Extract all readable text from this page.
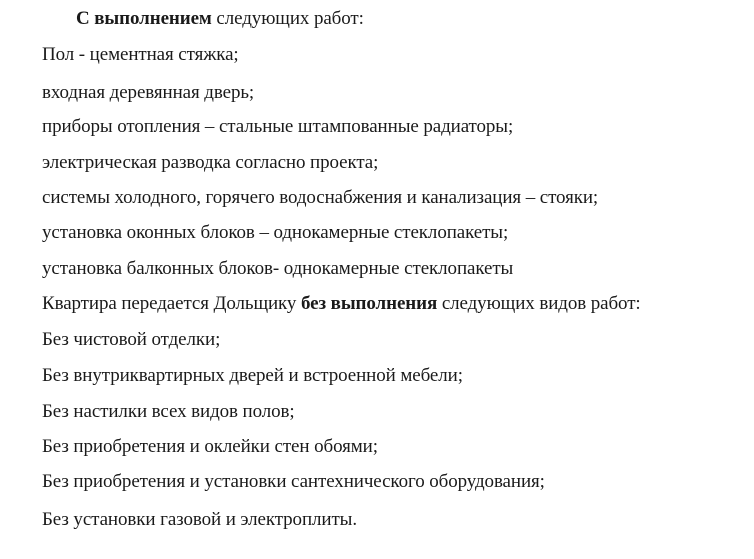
С выполнением следующих работ:
Пол - цементная стяжка;
входная деревянная дверь;
приборы отопления – стальные штампованные радиаторы;
электрическая разводка согласно проекта;
системы холодного, горячего водоснабжения и канализация – стояки;
установка оконных блоков – однокамерные стеклопакеты;
установка балконных блоков- однокамерные стеклопакеты
Квартира передается Дольщику без выполнения следующих видов работ:
Без чистовой отделки;
Без внутриквартирных дверей и встроенной мебели;
Без настилки всех видов полов;
Без приобретения и оклейки стен обоями;
Без приобретения и установки сантехнического оборудования;
Без установки газовой и электроплиты.
